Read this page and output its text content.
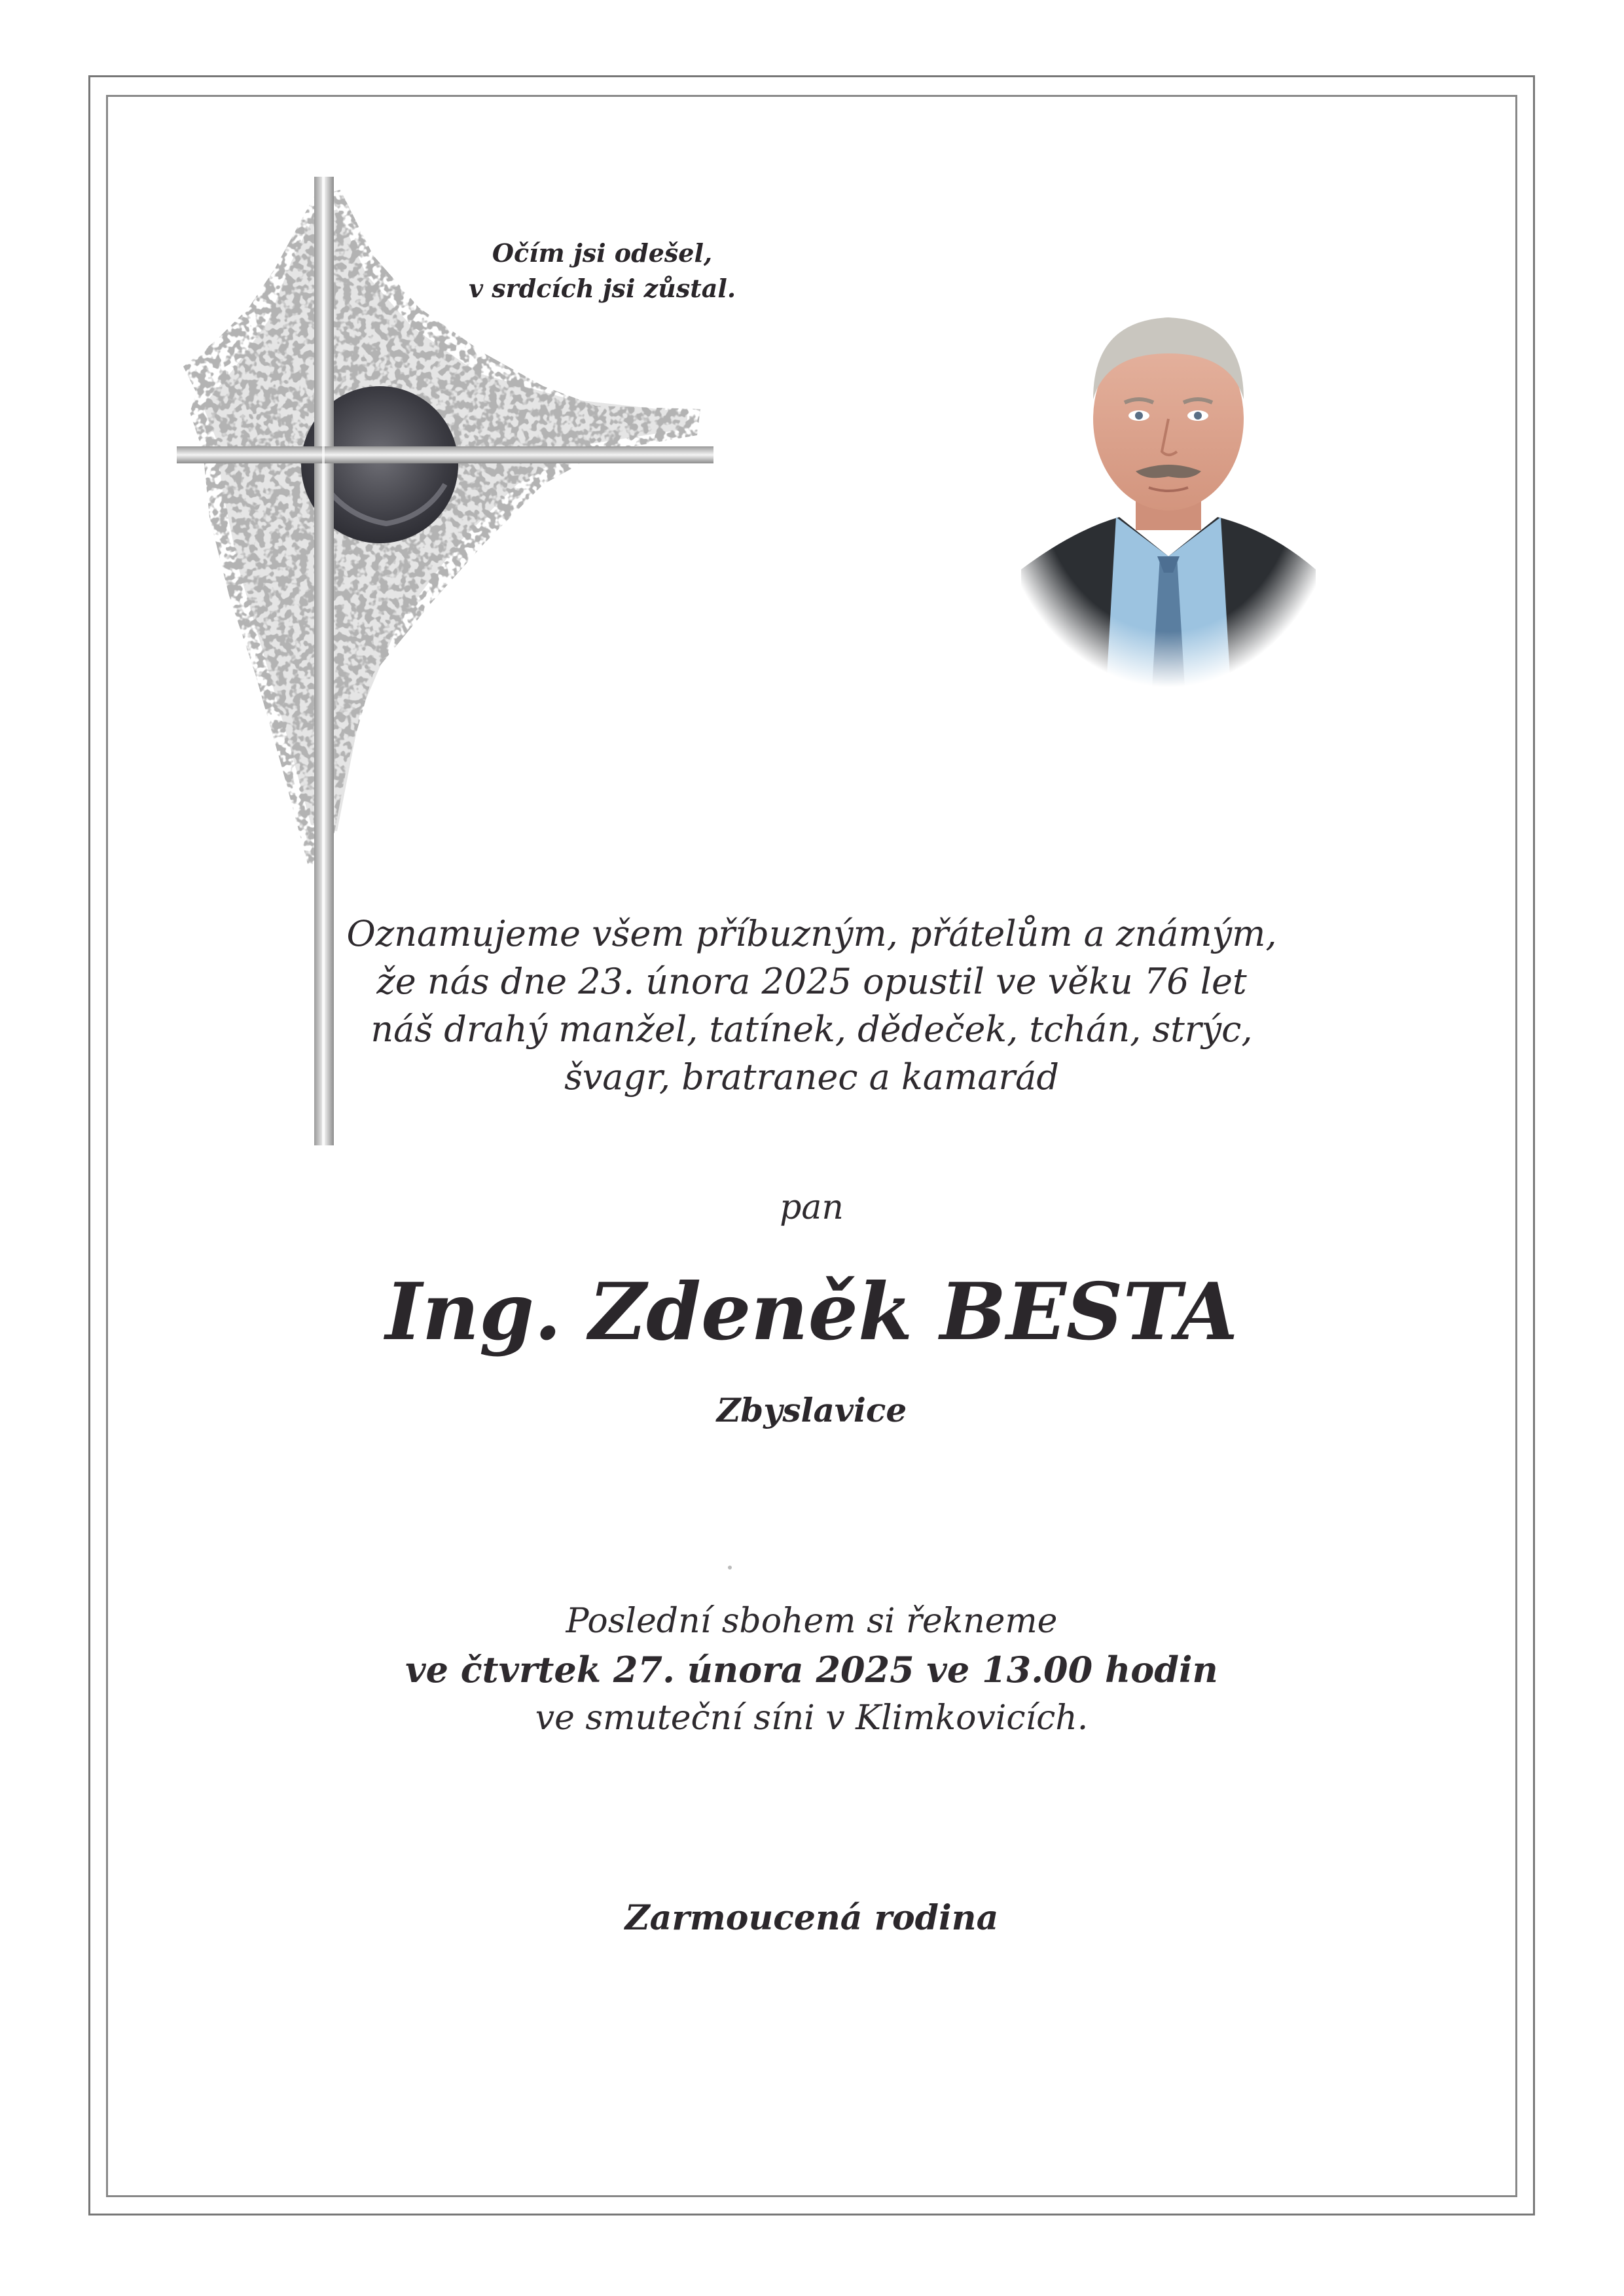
Očím jsi odešel,
v srdcích jsi zůstal.
Oznamujeme všem příbuzným, přátelům a známým,
že nás dne 23. února 2025 opustil ve věku 76 let
náš drahý manžel, tatínek, dědeček, tchán, strýc,
švagr, bratranec a kamarád
pan
Ing. Zdeněk BESTA
Zbyslavice
Poslední sbohem si řekneme
ve čtvrtek 27. února 2025 ve 13.00 hodin
ve smuteční síni v Klimkovicích.
Zarmoucená rodina
